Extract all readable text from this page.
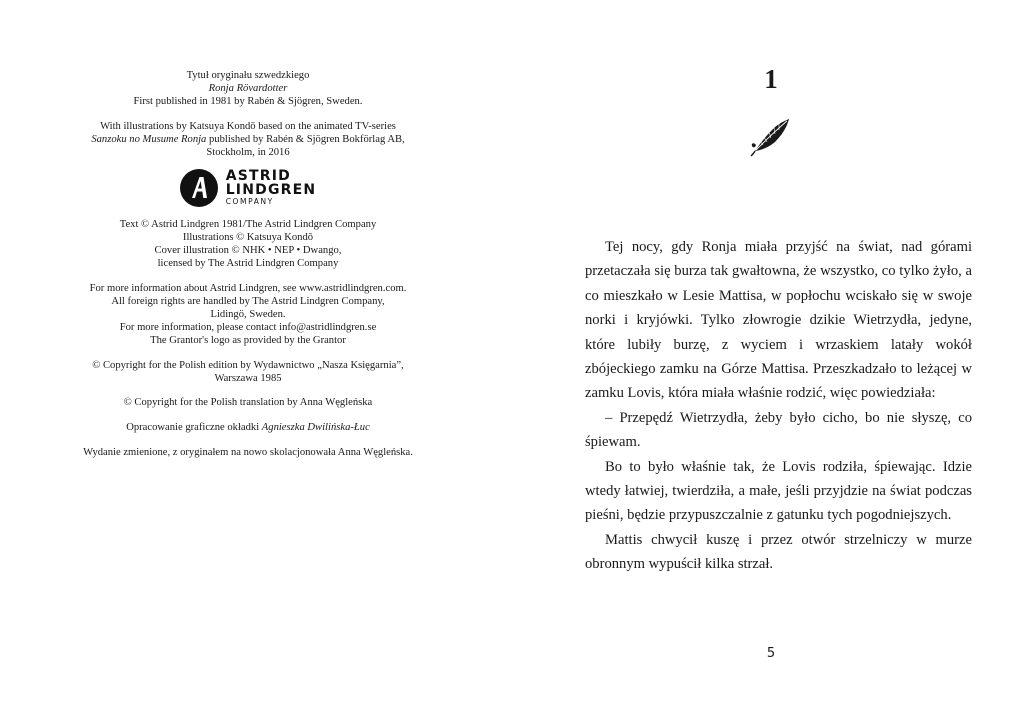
Tytuł oryginału szwedzkiego

Ronja Rövardotter

First published in 1981 by Rabén & Sjögren, Sweden.

With illustrations by Katsuya Kondō based on the animated TV-series

Sanzoku no Musume Ronja published by Rabén & Sjögren Bokförlag AB,

Stockholm, in 2016

ASTRID
LINDGREN
COMPANY

Text © Astrid Lindgren 1981/The Astrid Lindgren Company

Illustrations © Katsuya Kondō

Cover illustration © NHK • NEP • Dwango,

licensed by The Astrid Lindgren Company

For more information about Astrid Lindgren, see www.astridlindgren.com.

All foreign rights are handled by The Astrid Lindgren Company,

Lidingö, Sweden.

For more information, please contact info@astridlindgren.se

The Grantor's logo as provided by the Grantor

© Copyright for the Polish edition by Wydawnictwo „Nasza Księgarnia”,

Warszawa 1985

© Copyright for the Polish translation by Anna Węgleńska

Opracowanie graficzne okładki Agnieszka Dwilińska-Łuc

Wydanie zmienione, z oryginałem na nowo skolacjonowała Anna Węgleńska.

1

Tej nocy, gdy Ronja miała przyjść na świat, nad górami przetaczała się burza tak gwałtowna, że wszystko, co tylko żyło, a co mieszkało w Lesie Mattisa, w popłochu wciskało się w swoje norki i kryjówki. Tylko złowrogie dzikie Wietrzydła, jedyne, które lubiły burzę, z wyciem i wrzaskiem latały wokół zbójeckiego zamku na Górze Mattisa. Przeszkadzało to leżącej w zamku Lovis, która miała właśnie rodzić, więc powiedziała:

– Przepędź Wietrzydła, żeby było cicho, bo nie słyszę, co śpiewam.

Bo to było właśnie tak, że Lovis rodziła, śpiewając. Idzie wtedy łatwiej, twierdziła, a małe, jeśli przyjdzie na świat podczas pieśni, będzie przypuszczalnie z gatunku tych pogodniejszych.

Mattis chwycił kuszę i przez otwór strzelniczy w murze obronnym wypuścił kilka strzał.

5
